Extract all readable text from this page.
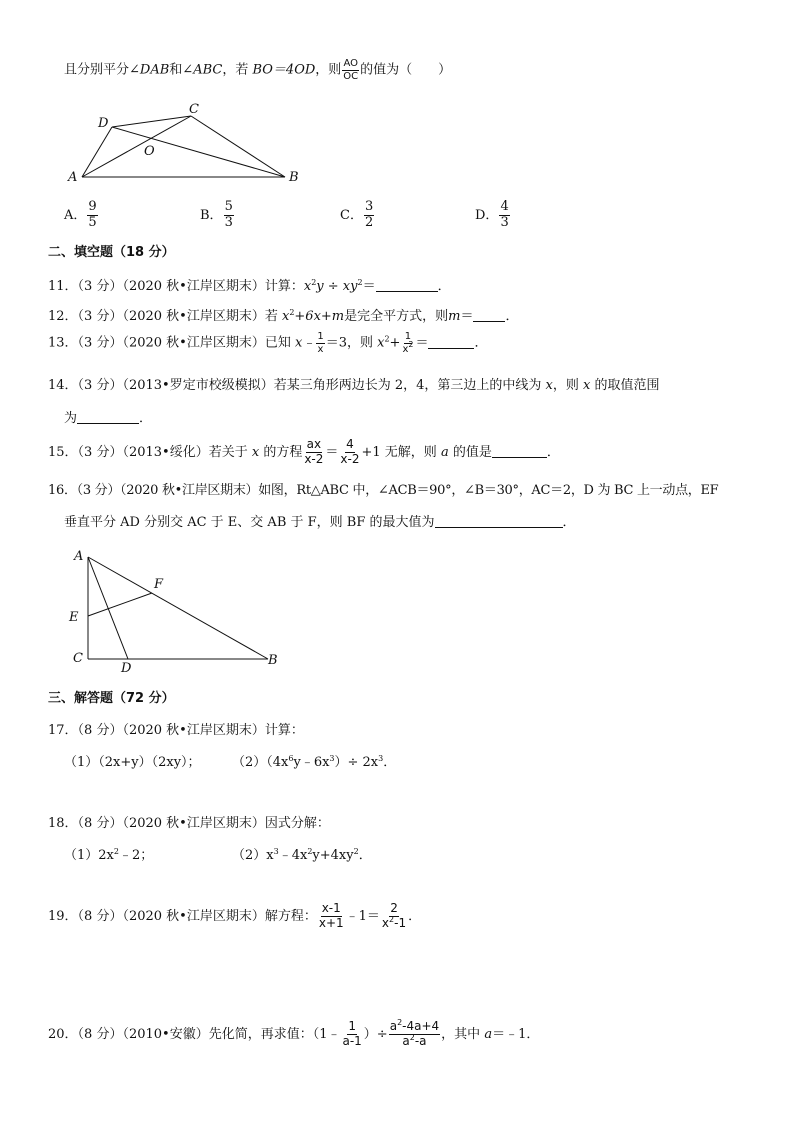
且分别平分∠DAB和∠ABC，若 BO＝4OD，则 $\frac{AO}{OC}$ 的值为（　　）
A	B
C
D
O
A． $\frac{9}{5}$	B． $\frac{5}{3}$	C． $\frac{3}{2}$	D． $\frac{4}{3}$
二、填空题（18 分）
11．（3 分）（2020 秋•江岸区期末）计算：$x^2y \div xy^2=$	．
12．（3 分）（2020 秋•江岸区期末）若 $x^2+6x+m$是完全平方式，则m＝ ．
13．（3 分）（2020 秋•江岸区期末）已知 x﹣ $\frac{1}{x} =3$，则 $x^2+ \frac{1}{x^2}$ ＝	．
14．（3 分）（2013•罗定市校级模拟）若某三角形两边长为 2，4，第三边上的中线为 x，则 x 的取值范围
为	．
15．（3 分）（2013•绥化）若关于 x 的方程 $\frac{ax}{x-2} = \frac{4}{x-2} +1$ 无解，则 a 的值是	．
16．（3 分）（2020 秋•江岸区期末）如图，Rt△ABC 中，∠ACB＝90°，∠B＝30°，AC＝2，D 为 BC 上一动点，EF
垂直平分 AD 分别交 AC 于 E、交 AB 于 F，则 BF 的最大值为	．
A
F
E
C
D
B
三、解答题（72 分）
17．（8 分）（2020 秋•江岸区期末）计算：
（1）（2x+y）（2xy）； $(2)(4x^6y﹣6x^3)\div 2x^3$．
18．（8 分）（2020 秋•江岸区期末）因式分解：
$(1)2x^2﹣2$；	$(2)x^3﹣4x^2y+4xy^2$．
19．（8 分）（2020 秋•江岸区期末）解方程： $\frac{x-1}{x+1}$ ﹣1＝ $\frac{2}{x^2-1}$ ．
20．（8 分）（2010•安徽）先化简，再求值：（1﹣ $\frac{1}{a-1}$ ）÷ $\frac{a^2-4a+4}{a^2-a}$ ，其中 a＝﹣1．
